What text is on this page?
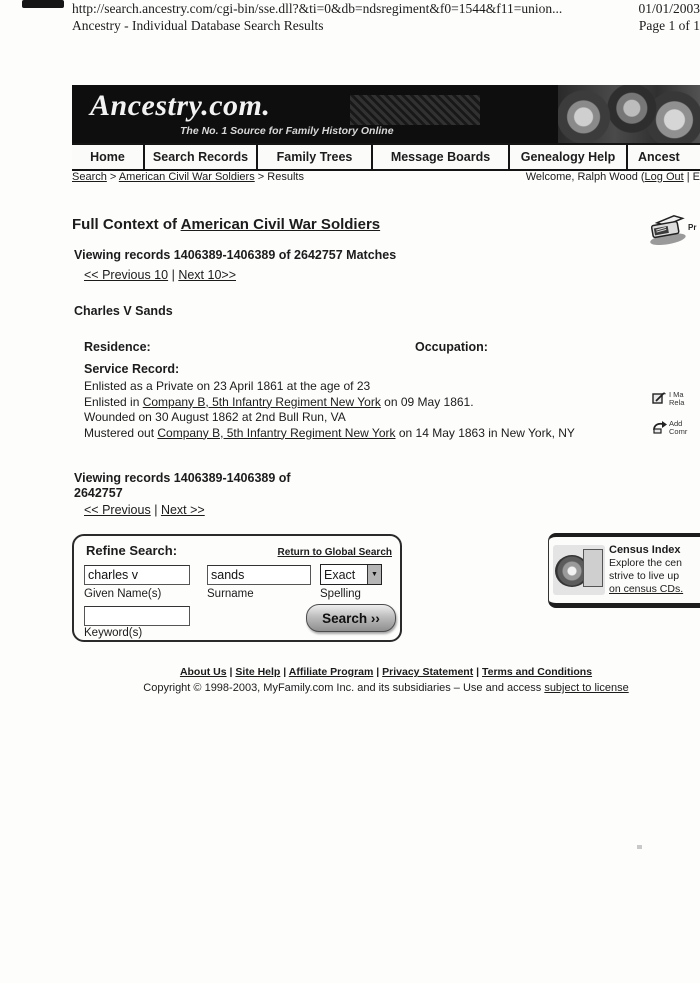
http://search.ancestry.com/cgi-bin/sse.dll?&ti=0&db=ndsregiment&f0=1544&f11=union...	01/01/2003
Ancestry - Individual Database Search Results	Page 1 of 1
Ancestry.com.
The No. 1 Source for Family History Online
Home	Search Records	Family Trees	Message Boards	Genealogy Help	Ancest
Search > American Civil War Soldiers > Results	Welcome, Ralph Wood (Log Out | E
Full Context of American Civil War Soldiers	Pr
Viewing records 1406389-1406389 of 2642757 Matches
<< Previous 10 | Next 10>>
Charles V Sands
Residence:	Occupation:
Service Record:
Enlisted as a Private on 23 April 1861 at the age of 23
Enlisted in Company B, 5th Infantry Regiment New York on 09 May 1861.
Wounded on 30 August 1862 at 2nd Bull Run, VA
Mustered out Company B, 5th Infantry Regiment New York on 14 May 1863 in New York, NY
I Ma
Rela
Add
Comr
Viewing records 1406389-1406389 of
2642757
<< Previous | Next >>
Refine Search:	Return to Global Search
charles v
sands
Exact	▼
Given Name(s)	Surname	Spelling
Keyword(s)
Search ››
Census Index
Explore the cen
strive to live up
on census CDs.
About Us | Site Help | Affiliate Program | Privacy Statement | Terms and Conditions
Copyright © 1998-2003, MyFamily.com Inc. and its subsidiaries – Use and access subject to license
